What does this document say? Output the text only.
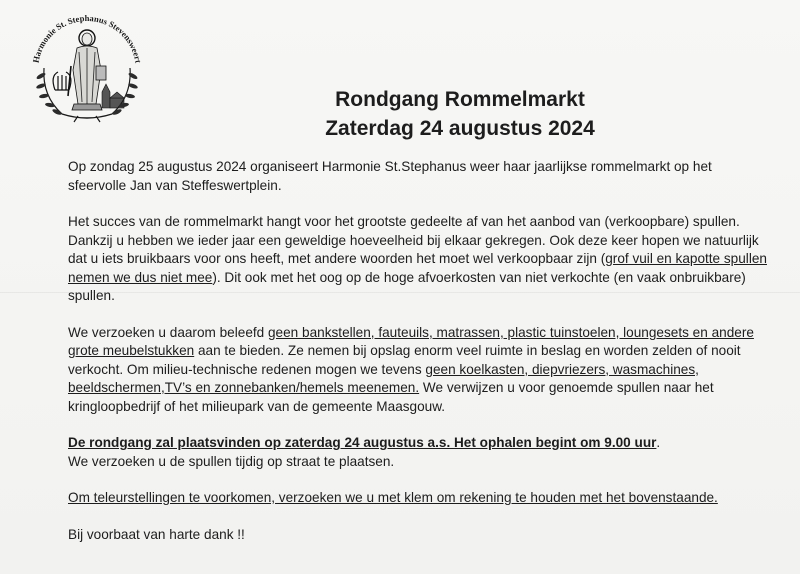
Harmonie St. Stephanus Stevensweert
Rondgang Rommelmarkt
Zaterdag 24 augustus 2024

Op zondag 25 augustus 2024 organiseert Harmonie St.Stephanus weer haar jaarlijkse rommelmarkt op het sfeervolle Jan van Steffeswertplein.

Het succes van de rommelmarkt hangt voor het grootste gedeelte af van het aanbod van (verkoopbare) spullen. Dankzij u hebben we ieder jaar een geweldige hoeveelheid bij elkaar gekregen. Ook deze keer hopen we natuurlijk dat u iets bruikbaars voor ons heeft, met andere woorden het moet wel verkoopbaar zijn (grof vuil en kapotte spullen nemen we dus niet mee). Dit ook met het oog op de hoge afvoerkosten van niet verkochte (en vaak onbruikbare) spullen.

We verzoeken u daarom beleefd geen bankstellen, fauteuils, matrassen, plastic tuinstoelen, loungesets en andere grote meubelstukken aan te bieden. Ze nemen bij opslag enorm veel ruimte in beslag en worden zelden of nooit verkocht. Om milieu-technische redenen mogen we tevens geen koelkasten, diepvriezers, wasmachines, beeldschermen,TV’s en zonnebanken/hemels meenemen. We verwijzen u voor genoemde spullen naar het kringloopbedrijf of het milieupark van de gemeente Maasgouw.

De rondgang zal plaatsvinden op zaterdag 24 augustus a.s. Het ophalen begint om 9.00 uur.
We verzoeken u de spullen tijdig op straat te plaatsen.

Om teleurstellingen te voorkomen, verzoeken we u met klem om rekening te houden met het bovenstaande.

Bij voorbaat van harte dank !!
